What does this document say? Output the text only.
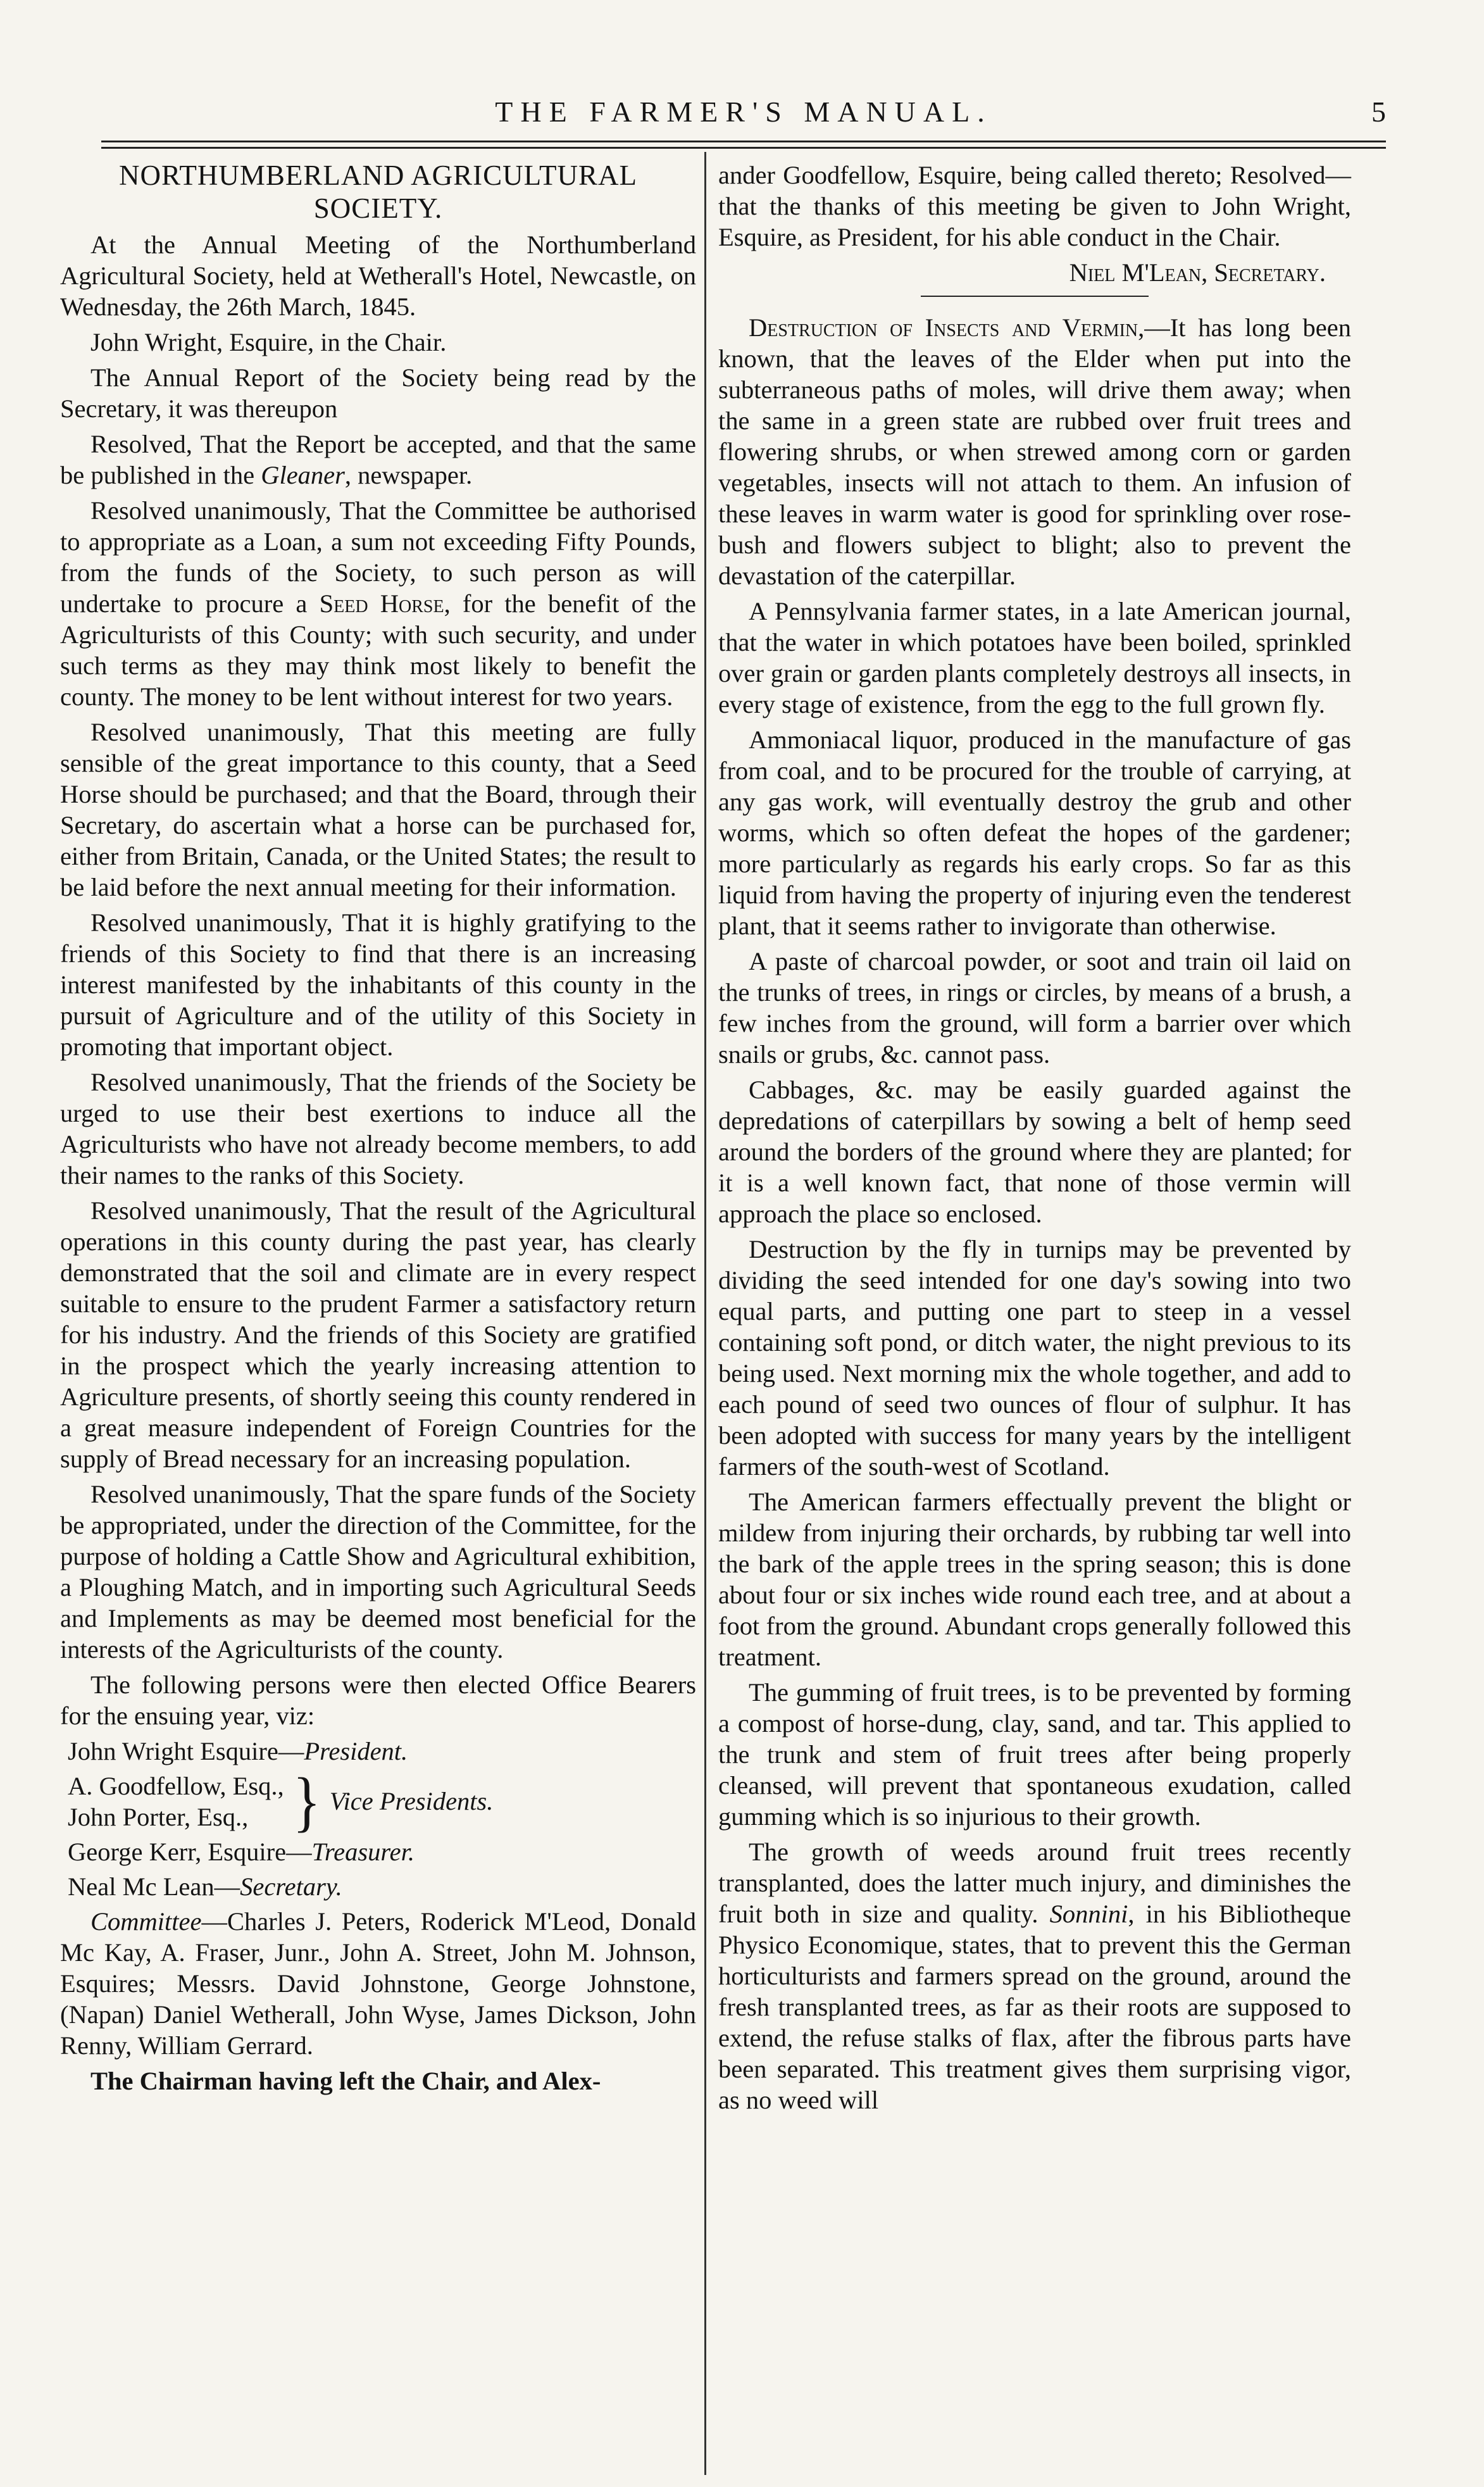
THE FARMER'S MANUAL.	5
NORTHUMBERLAND AGRICULTURAL SOCIETY.

At the Annual Meeting of the Northumberland Agricultural Society, held at Wetherall's Hotel, Newcastle, on Wednesday, the 26th March, 1845.

John Wright, Esquire, in the Chair.

The Annual Report of the Society being read by the Secretary, it was thereupon

Resolved, That the Report be accepted, and that the same be published in the Gleaner, newspaper.

Resolved unanimously, That the Committee be authorised to appropriate as a Loan, a sum not exceeding Fifty Pounds, from the funds of the Society, to such person as will undertake to procure a Seed Horse, for the benefit of the Agriculturists of this County; with such security, and under such terms as they may think most likely to benefit the county. The money to be lent without interest for two years.

Resolved unanimously, That this meeting are fully sensible of the great importance to this county, that a Seed Horse should be purchased; and that the Board, through their Secretary, do ascertain what a horse can be purchased for, either from Britain, Canada, or the United States; the result to be laid before the next annual meeting for their information.

Resolved unanimously, That it is highly gratifying to the friends of this Society to find that there is an increasing interest manifested by the inhabitants of this county in the pursuit of Agriculture and of the utility of this Society in promoting that important object.

Resolved unanimously, That the friends of the Society be urged to use their best exertions to induce all the Agriculturists who have not already become members, to add their names to the ranks of this Society.

Resolved unanimously, That the result of the Agricultural operations in this county during the past year, has clearly demonstrated that the soil and climate are in every respect suitable to ensure to the prudent Farmer a satisfactory return for his industry. And the friends of this Society are gratified in the prospect which the yearly increasing attention to Agriculture presents, of shortly seeing this county rendered in a great measure independent of Foreign Countries for the supply of Bread necessary for an increasing population.

Resolved unanimously, That the spare funds of the Society be appropriated, under the direction of the Committee, for the purpose of holding a Cattle Show and Agricultural exhibition, a Ploughing Match, and in importing such Agricultural Seeds and Implements as may be deemed most beneficial for the interests of the Agriculturists of the county.

The following persons were then elected Office Bearers for the ensuing year, viz:

John Wright Esquire—President.
A. Goodfellow, Esq.,
John Porter, Esq., } Vice Presidents.
George Kerr, Esquire—Treasurer.
Neal Mc Lean—Secretary.

Committee—Charles J. Peters, Roderick M'Leod, Donald Mc Kay, A. Fraser, Junr., John A. Street, John M. Johnson, Esquires; Messrs. David Johnstone, George Johnstone, (Napan) Daniel Wetherall, John Wyse, James Dickson, John Renny, William Gerrard.

The Chairman having left the Chair, and Alex-

ander Goodfellow, Esquire, being called thereto; Resolved—that the thanks of this meeting be given to John Wright, Esquire, as President, for his able conduct in the Chair.

Niel M'Lean, Secretary.

Destruction of Insects and Vermin,—It has long been known, that the leaves of the Elder when put into the subterraneous paths of moles, will drive them away; when the same in a green state are rubbed over fruit trees and flowering shrubs, or when strewed among corn or garden vegetables, insects will not attach to them. An infusion of these leaves in warm water is good for sprinkling over rose-bush and flowers subject to blight; also to prevent the devastation of the caterpillar.

A Pennsylvania farmer states, in a late American journal, that the water in which potatoes have been boiled, sprinkled over grain or garden plants completely destroys all insects, in every stage of existence, from the egg to the full grown fly.

Ammoniacal liquor, produced in the manufacture of gas from coal, and to be procured for the trouble of carrying, at any gas work, will eventually destroy the grub and other worms, which so often defeat the hopes of the gardener; more particularly as regards his early crops. So far as this liquid from having the property of injuring even the tenderest plant, that it seems rather to invigorate than otherwise.

A paste of charcoal powder, or soot and train oil laid on the trunks of trees, in rings or circles, by means of a brush, a few inches from the ground, will form a barrier over which snails or grubs, &c. cannot pass.

Cabbages, &c. may be easily guarded against the depredations of caterpillars by sowing a belt of hemp seed around the borders of the ground where they are planted; for it is a well known fact, that none of those vermin will approach the place so enclosed.

Destruction by the fly in turnips may be prevented by dividing the seed intended for one day's sowing into two equal parts, and putting one part to steep in a vessel containing soft pond, or ditch water, the night previous to its being used. Next morning mix the whole together, and add to each pound of seed two ounces of flour of sulphur. It has been adopted with success for many years by the intelligent farmers of the south-west of Scotland.

The American farmers effectually prevent the blight or mildew from injuring their orchards, by rubbing tar well into the bark of the apple trees in the spring season; this is done about four or six inches wide round each tree, and at about a foot from the ground. Abundant crops generally followed this treatment.

The gumming of fruit trees, is to be prevented by forming a compost of horse-dung, clay, sand, and tar. This applied to the trunk and stem of fruit trees after being properly cleansed, will prevent that spontaneous exudation, called gumming which is so injurious to their growth.

The growth of weeds around fruit trees recently transplanted, does the latter much injury, and diminishes the fruit both in size and quality. Sonnini, in his Bibliotheque Physico Economique, states, that to prevent this the German horticulturists and farmers spread on the ground, around the fresh transplanted trees, as far as their roots are supposed to extend, the refuse stalks of flax, after the fibrous parts have been separated. This treatment gives them surprising vigor, as no weed will
